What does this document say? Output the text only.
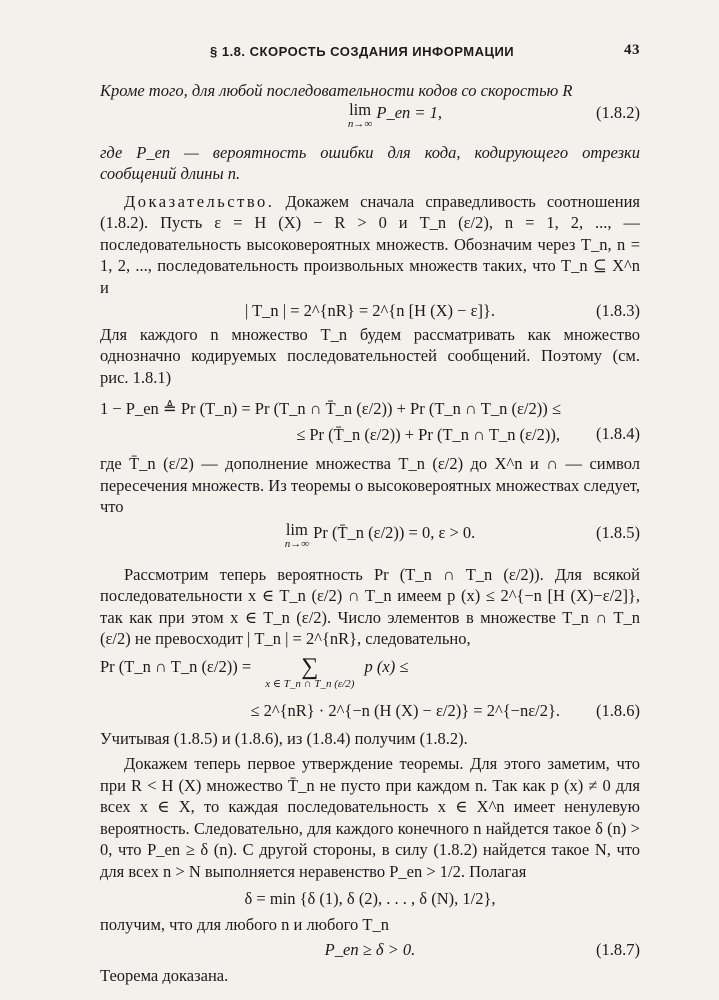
§ 1.8. СКОРОСТЬ СОЗДАНИЯ ИНФОРМАЦИИ	43

Кроме того, для любой последовательности кодов со скоростью R

lim
n→∞
P_en = 1,	(1.8.2)

где P_en — вероятность ошибки для кода, кодирующего отрезки сообщений длины n.

Доказательство. Докажем сначала справедливость соотношения (1.8.2). Пусть ε = H (X) − R > 0 и T_n (ε/2), n = 1, 2, ..., — последовательность высоковероятных множеств. Обозначим через T_n, n = 1, 2, ..., последовательность произвольных множеств таких, что T_n ⊆ X^n и

| T_n | = 2^{nR} = 2^{n [H (X) − ε]}.	(1.8.3)

Для каждого n множество T_n будем рассматривать как множество однозначно кодируемых последовательностей сообщений. Поэтому (см. рис. 1.8.1)

1 − P_en ≜ Pr (T_n) = Pr (T_n ∩ T̄_n (ε/2)) + Pr (T_n ∩ T_n (ε/2)) ≤
≤ Pr (T̄_n (ε/2)) + Pr (T_n ∩ T_n (ε/2)),	(1.8.4)

где T̄_n (ε/2) — дополнение множества T_n (ε/2) до X^n и ∩ — символ пересечения множеств. Из теоремы о высоковероятных множествах следует, что

lim
n→∞
Pr (T̄_n (ε/2)) = 0, ε > 0.	(1.8.5)

Рассмотрим теперь вероятность Pr (T_n ∩ T_n (ε/2)). Для всякой последовательности x ∈ T_n (ε/2) ∩ T_n имеем p (x) ≤ 2^{−n [H (X)−ε/2]}, так как при этом x ∈ T_n (ε/2). Число элементов в множестве T_n ∩ T_n (ε/2) не превосходит | T_n | = 2^{nR}, следовательно,

Pr (T_n ∩ T_n (ε/2)) =	∑
x ∈ T_n ∩ T_n (ε/2)
p (x) ≤
≤ 2^{nR} · 2^{−n (H (X) − ε/2)} = 2^{−nε/2}.	(1.8.6)

Учитывая (1.8.5) и (1.8.6), из (1.8.4) получим (1.8.2).

Докажем теперь первое утверждение теоремы. Для этого заметим, что при R < H (X) множество T̄_n не пусто при каждом n. Так как p (x) ≠ 0 для всех x ∈ X, то каждая последовательность x ∈ X^n имеет ненулевую вероятность. Следовательно, для каждого конечного n найдется такое δ (n) > 0, что P_en ≥ δ (n). С другой стороны, в силу (1.8.2) найдется такое N, что для всех n > N выполняется неравенство P_en > 1/2. Полагая

δ = min {δ (1), δ (2), . . . , δ (N), 1/2},

получим, что для любого n и любого T_n

P_en ≥ δ > 0.	(1.8.7)

Теорема доказана.
